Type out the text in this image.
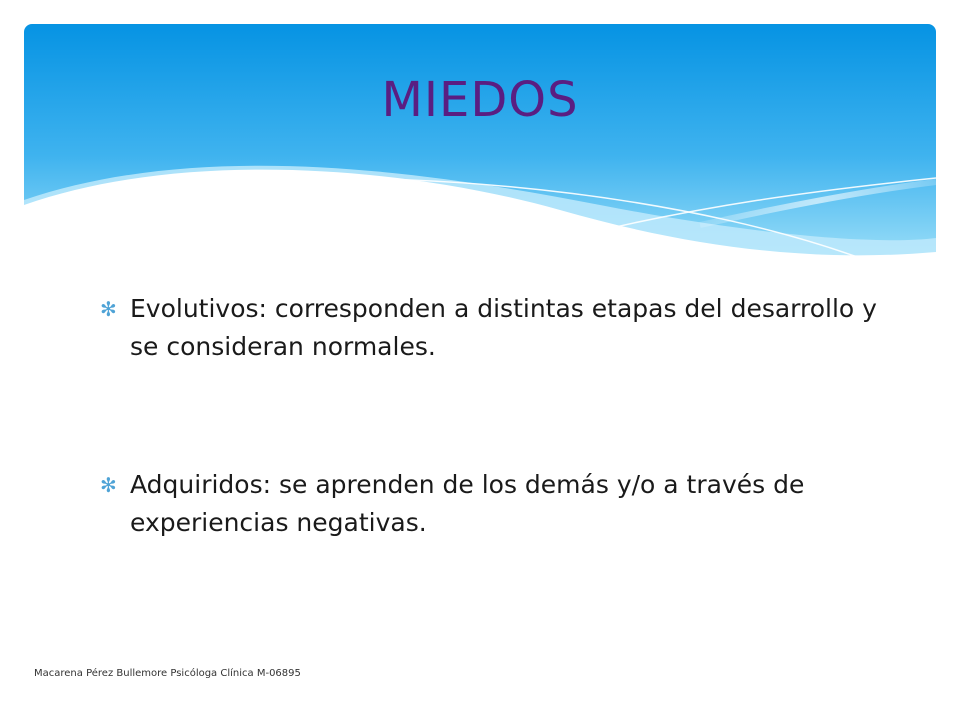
MIEDOS
✻ Evolutivos: corresponden a distintas etapas del desarrollo y se consideran normales.
✻ Adquiridos: se aprenden de los demás y/o a través de experiencias negativas.
Macarena Pérez Bullemore Psicóloga Clínica M-06895
